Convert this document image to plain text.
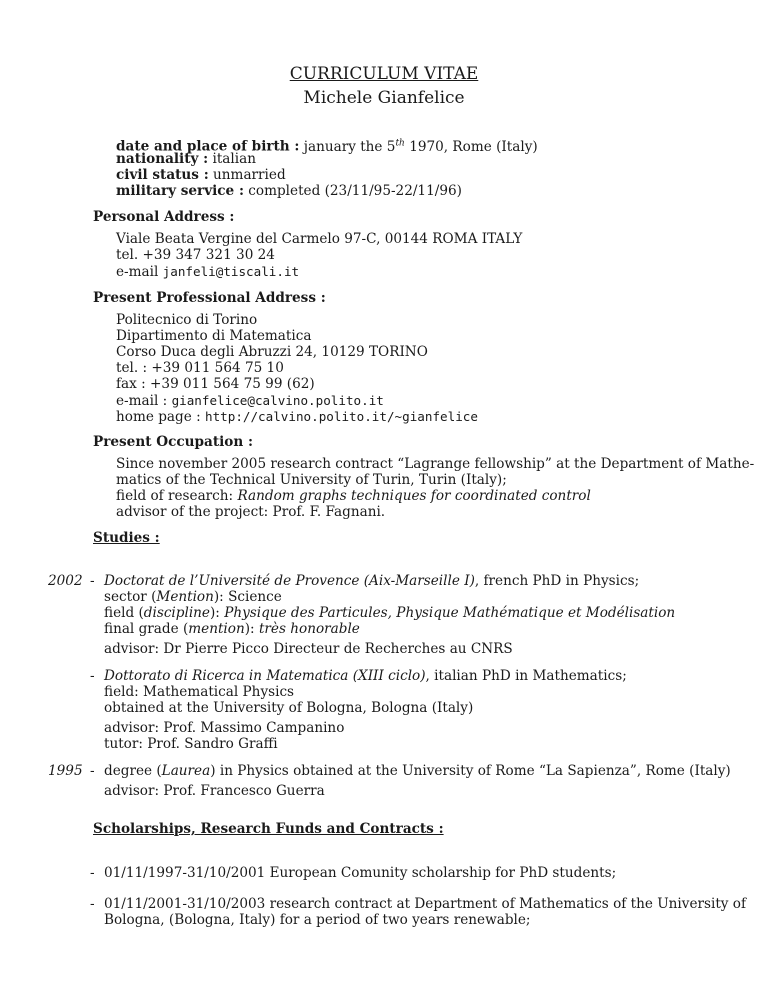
CURRICULUM VITAE
Michele Gianfelice
date and place of birth : january the 5th 1970, Rome (Italy)
nationality : italian
civil status : unmarried
military service : completed (23/11/95-22/11/96)
Personal Address :
Viale Beata Vergine del Carmelo 97-C, 00144 ROMA ITALY
tel. +39 347 321 30 24
e-mail janfeli@tiscali.it
Present Professional Address :
Politecnico di Torino
Dipartimento di Matematica
Corso Duca degli Abruzzi 24, 10129 TORINO
tel. : +39 011 564 75 10
fax : +39 011 564 75 99 (62)
e-mail : gianfelice@calvino.polito.it
home page : http://calvino.polito.it/~gianfelice
Present Occupation :
Since november 2005 research contract “Lagrange fellowship” at the Department of Mathe-
matics of the Technical University of Turin, Turin (Italy);
field of research: Random graphs techniques for coordinated control
advisor of the project: Prof. F. Fagnani.
Studies :
2002 - Doctorat de l’Université de Provence (Aix-Marseille I), french PhD in Physics;
sector (Mention): Science
field (discipline): Physique des Particules, Physique Mathématique et Modélisation
final grade (mention): très honorable
advisor: Dr Pierre Picco Directeur de Recherches au CNRS
- Dottorato di Ricerca in Matematica (XIII ciclo), italian PhD in Mathematics;
field: Mathematical Physics
obtained at the University of Bologna, Bologna (Italy)
advisor: Prof. Massimo Campanino
tutor: Prof. Sandro Graffi
1995 - degree (Laurea) in Physics obtained at the University of Rome “La Sapienza”, Rome (Italy)
advisor: Prof. Francesco Guerra
Scholarships, Research Funds and Contracts :
- 01/11/1997-31/10/2001 European Comunity scholarship for PhD students;
- 01/11/2001-31/10/2003 research contract at Department of Mathematics of the University of
Bologna, (Bologna, Italy) for a period of two years renewable;
